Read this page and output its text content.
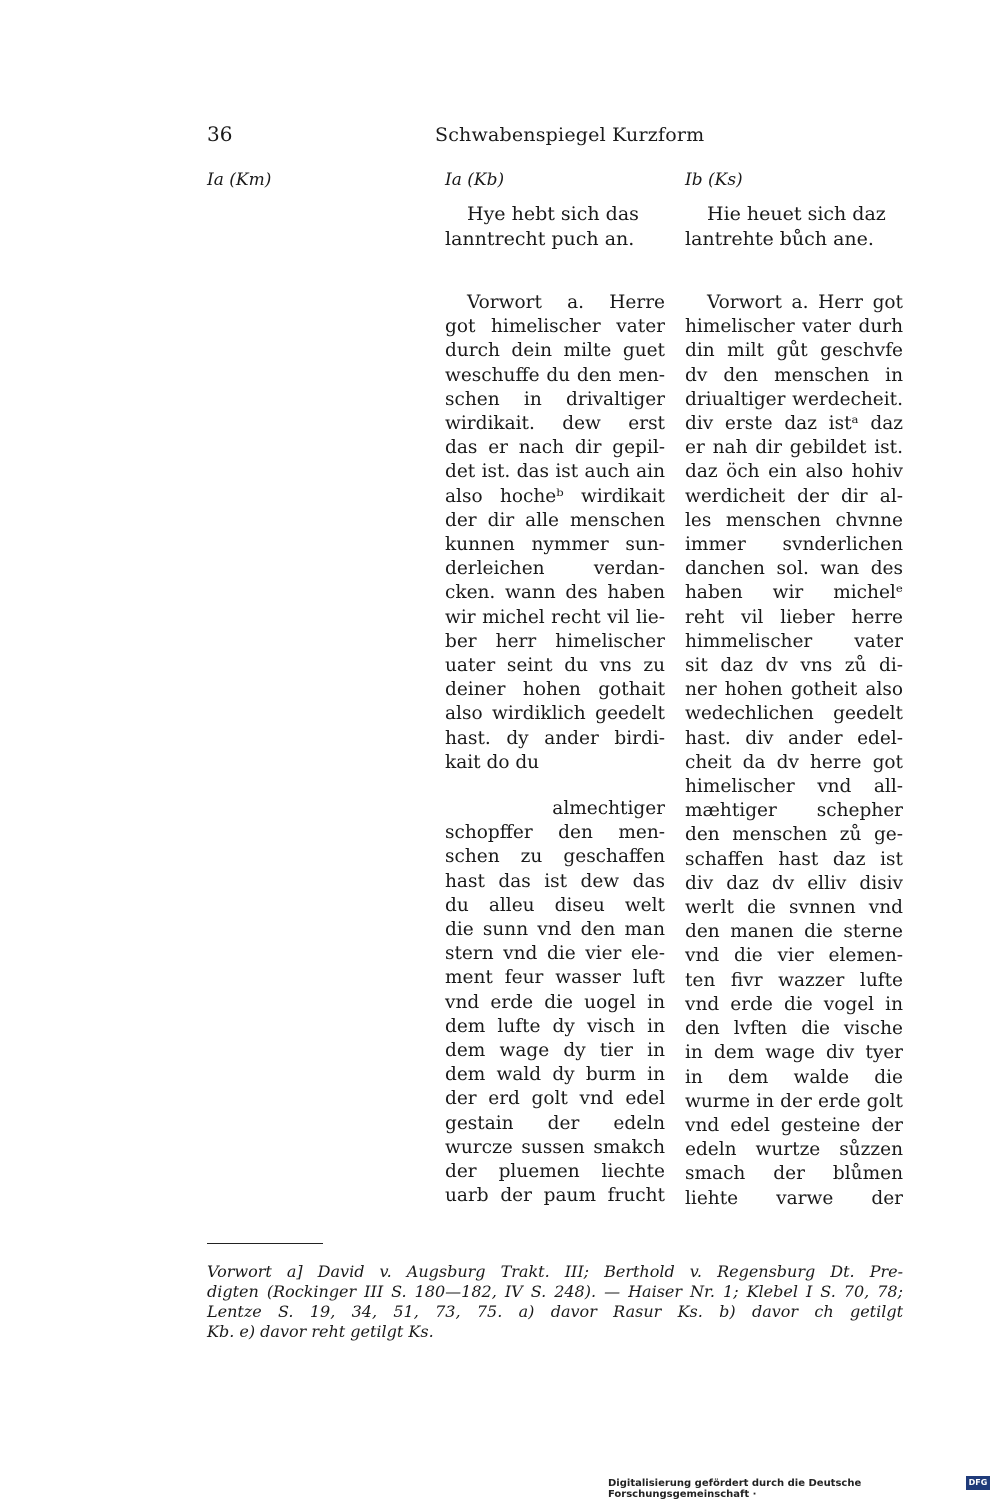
36	Schwabenspiegel Kurzform
Ia (Km)	Ia (Kb)	Ib (Ks)
Hye hebt sich das
lanntrecht puch an.
Hie heuet sich daz
lantrehte bůch ane.
Vorwort a. Herre
got himelischer vater
durch dein milte guet
weschuffe du den men-
schen in drivaltiger
wirdikait. dew erst
das er nach dir gepil-
det ist. das ist auch ain
also hocheᵇ wirdikait
der dir alle menschen
kunnen nymmer sun-
derleichen verdan-
cken. wann des haben
wir michel recht vil lie-
ber herr himelischer
uater seint du vns zu
deiner hohen gothait
also wirdiklich geedelt
hast. dy ander birdi-
kait do du
almechtiger
schopffer den men-
schen zu geschaffen
hast das ist dew das
du alleu diseu welt
die sunn vnd den man
stern vnd die vier ele-
ment feur wasser luft
vnd erde die uogel in
dem lufte dy visch in
dem wage dy tier in
dem wald dy burm in
der erd golt vnd edel
gestain der edeln
wurcze sussen smakch
der pluemen liechte
uarb der paum frucht
Vorwort a. Herr got
himelischer vater durh
din milt gůt geschvfe
dv den menschen in
driualtiger werdecheit.
div erste daz istᵃ daz
er nah dir gebildet ist.
daz öch ein also hohiv
werdicheit der dir al-
les menschen chvnne
immer svnderlichen
danchen sol. wan des
haben wir michelᵉ
reht vil lieber herre
himmelischer vater
sit daz dv vns zů di-
ner hohen gotheit also
wedechlichen geedelt
hast. div ander edel-
cheit da dv herre got
himelischer vnd all-
mæhtiger schepher
den menschen zů ge-
schaffen hast daz ist
div daz dv elliv disiv
werlt die svnnen vnd
den manen die sterne
vnd die vier elemen-
ten fivr wazzer lufte
vnd erde die vogel in
den lvften die vische
in dem wage div tyer
in dem walde die
wurme in der erde golt
vnd edel gesteine der
edeln wurtze sůzzen
smach der blůmen
liehte varwe der
Vorwort a] David v. Augsburg Trakt. III; Berthold v. Regensburg Dt. Pre-
digten (Rockinger III S. 180—182, IV S. 248). — Haiser Nr. 1; Klebel I S. 70, 78;
Lentze S. 19, 34, 51, 73, 75. a) davor Rasur Ks. b) davor ch getilgt
Kb. e) davor reht getilgt Ks.
Digitalisierung gefördert durch die Deutsche Forschungsgemeinschaft ·
DFG
